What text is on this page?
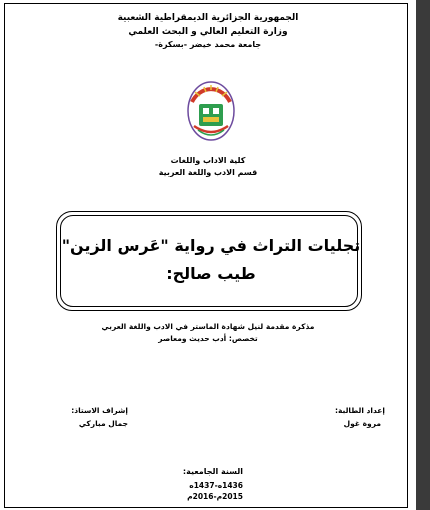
الجمهورية الجزائرية الديمقراطية الشعبية
وزارة التعليم العالي و البحث العلمي
جامعة محمد خيضر -بسكرة-
كلية الاداب واللغات
قسم الادب واللغة العربية
تجليات التراث في رواية "عَرس الزين"
طيب صالح:
مذكرة مقدمة لنيل شهادة الماستر في الادب واللغة العربي
تخصص: أدب حديث ومعاصر
إعداد الطالبة:
مروة غول
إشراف الاستاذ:
جمال مباركي
السنة الجامعية:
1436ه-1437ه
2015م-2016م
